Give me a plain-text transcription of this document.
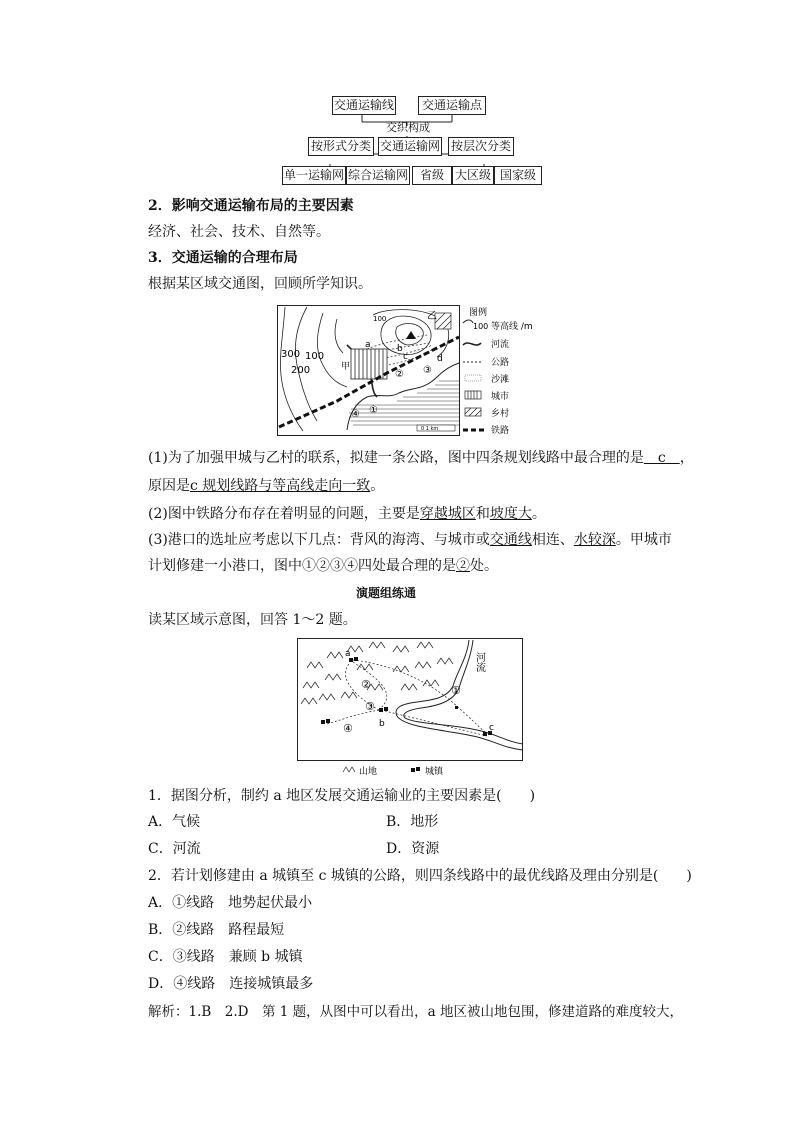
交通运输线	交通运输点
交织构成
按形式分类 交通运输网 按层次分类
单一运输网 综合运输网 省级 大区级 国家级
2．影响交通运输布局的主要因素
经济、社会、技术、自然等。
3．交通运输的合理布局
根据某区域交通图，回顾所学知识。
0 1 km
300 100
200
100
甲
乙
a	b
c	d
①
② ③
④
图例
100 等高线 /m
河流
公路
沙滩
城市
乡村
铁路
(1)为了加强甲城与乙村的联系，拟建一条公路，图中四条规划线路中最合理的是　c　，
原因是c 规划线路与等高线走向一致。
(2)图中铁路分布存在着明显的问题，主要是穿越城区和坡度大。
(3)港口的选址应考虑以下几点：背风的海湾、与城市或交通线相连、水较深。甲城市
计划修建一小港口，图中①②③④四处最合理的是②处。
演题组练通
读某区域示意图，回答 1～2 题。
河流
a
b	c
①
②
③
④
山地	城镇
1．据图分析，制约 a 地区发展交通运输业的主要因素是(　　)
A．气候	B．地形
C．河流	D．资源
2．若计划修建由 a 城镇至 c 城镇的公路，则四条线路中的最优线路及理由分别是(　　)
A．①线路　地势起伏最小
B．②线路　路程最短
C．③线路　兼顾 b 城镇
D．④线路　连接城镇最多
解析：1.B　2.D　第 1 题，从图中可以看出，a 地区被山地包围，修建道路的难度较大，
